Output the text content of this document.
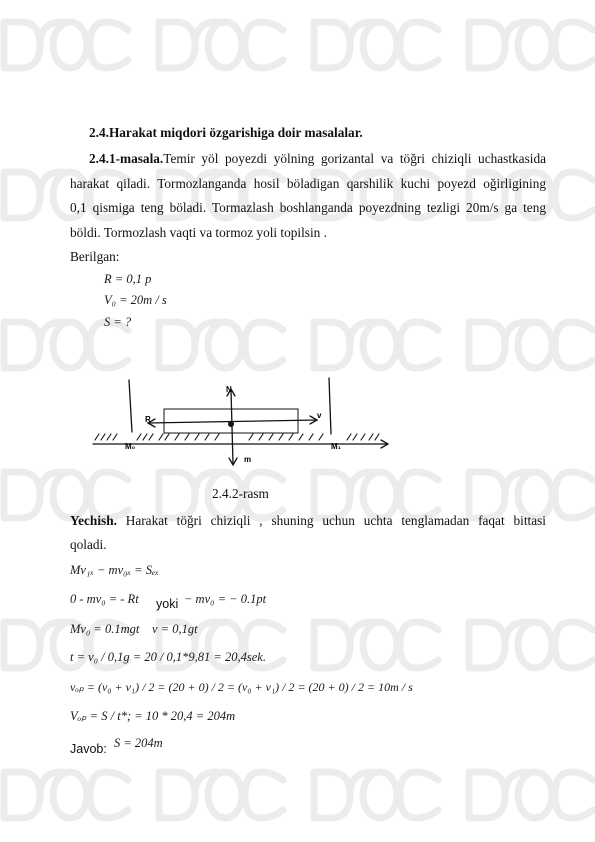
2.4.Harakat miqdori özgarishiga doir masalalar.
2.4.1-masala.Temir yöl poyezdi yölning gorizantal va töğri chiziqli uchastkasida
harakat qiladi. Tormozlanganda hosil böladigan qarshilik kuchi poyezd oğirligining
0,1 qismiga teng böladi. Tormazlash boshlanganda poyezdning tezligi 20m/s ga teng
böldi. Tormozlash vaqti va tormoz yoli topilsin .
Berilgan:
R = 0,1 p
V₀ = 20m / s
S = ?
N
R	v
M₀	M₁
m
2.4.2-rasm
Yechish. Harakat töğri chiziqli , shuning uchun uchta tenglamadan faqat bittasi
qoladi.
Mv₁ₓ − mv₀ₓ = Sₑₓ
0 - mv₀ = - Rt yoki − mv₀ = − 0.1pt
Mv₀ = 0.1mgt v = 0,1gt
t = v₀ / 0,1g = 20 / 0,1*9,81 = 20,4sek.
vₒₚ = (v₀ + v₁) / 2 = (20 + 0) / 2 = (v₀ + v₁) / 2 = (20 + 0) / 2 = 10m / s
Vₒₚ = S / t*; = 10 * 20,4 = 204m
Javob: S = 204m
